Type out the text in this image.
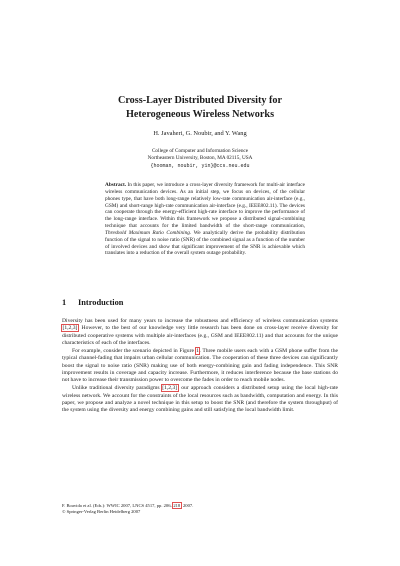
Cross-Layer Distributed Diversity for
Heterogeneous Wireless Networks
H. Javaheri, G. Noubir, and Y. Wang
College of Computer and Information Science
Northeastern University, Boston, MA 02115, USA
{hooman, noubir, yin}@ccs.neu.edu
Abstract. In this paper, we introduce a cross-layer diversity framework for multi-air interface wireless communication devices. As an initial step, we focus on devices, of the cellular phones type, that have both long-range relatively low-rate communication air-interface (e.g., GSM) and short-range high-rate communication air-interface (e.g., IEEE802.11). The devices can cooperate through the energy-efficient high-rate interface to improve the performance of the long-range interface. Within this framework we propose a distributed signal-combining technique that accounts for the limited bandwidth of the short-range communication, Threshold Maximum Ratio Combining. We analytically derive the probability distribution function of the signal to noise ratio (SNR) of the combined signal as a function of the number of involved devices and show that significant improvement of the SNR is achievable which translates into a reduction of the overall system outage probability.
1 Introduction

Diversity has been used for many years to increase the robustness and efficiency of wireless communication systems [1,2,3]. However, to the best of our knowledge very little research has been done on cross-layer receive diversity for distributed cooperative systems with multiple air-interfaces (e.g., GSM and IEEE802.11) and that accounts for the unique characteristics of each of the interfaces.

For example, consider the scenario depicted in Figure 1. Three mobile users each with a GSM phone suffer from the typical channel-fading that impairs urban cellular communication. The cooperation of these three devices can significantly boost the signal to noise ratio (SNR) making use of both energy-combining gain and fading independence. This SNR improvement results in coverage and capacity increase. Furthermore, it reduces interference because the base stations do not have to increase their transmission power to overcome the fades in order to reach mobile nodes.

Unlike traditional diversity paradigms [1,2,3], our approach considers a distributed setup using the local high-rate wireless network. We account for the constraints of the local resources such as bandwidth, computation and energy. In this paper, we propose and analyze a novel technique in this setup to boost the SNR (and therefore the system throughput) of the system using the diversity and energy combining gains and still satisfying the local bandwidth limit.

F. Boavida et al. (Eds.): WWIC 2007, LNCS 4517, pp. 206–218, 2007.
© Springer-Verlag Berlin Heidelberg 2007
